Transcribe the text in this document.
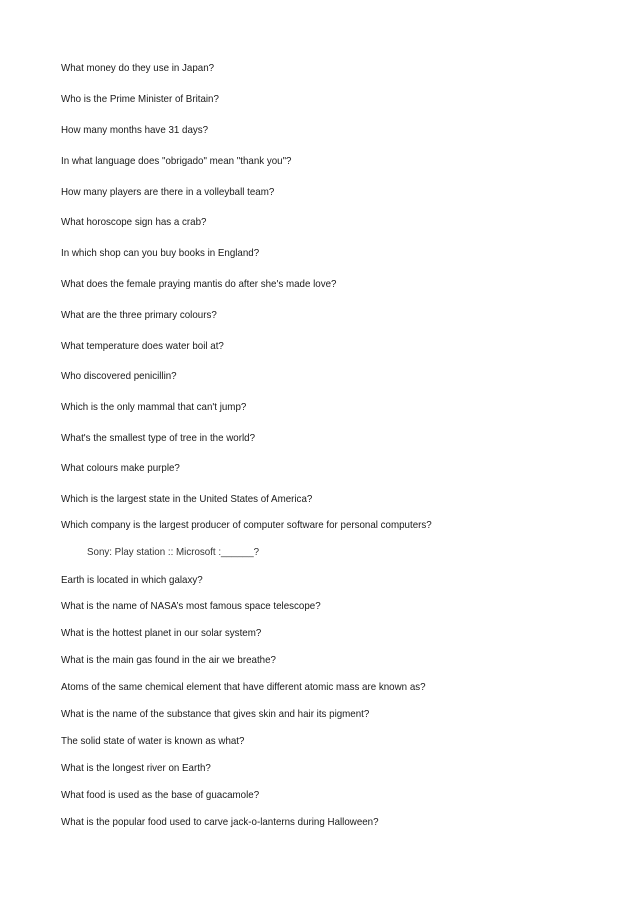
What money do they use in Japan?

Who is the Prime Minister of Britain?

How many months have 31 days?

In what language does "obrigado" mean "thank you"?

How many players are there in a volleyball team?

What horoscope sign has a crab?

In which shop can you buy books in England?

What does the female praying mantis do after she's made love?

What are the three primary colours?

What temperature does water boil at?

Who discovered penicillin?

Which is the only mammal that can't jump?

What's the smallest type of tree in the world?

What colours make purple?

Which is the largest state in the United States of America?

Which company is the largest producer of computer software for personal computers?

Sony: Play station :: Microsoft :______?

Earth is located in which galaxy?

What is the name of NASA’s most famous space telescope?

What is the hottest planet in our solar system?

What is the main gas found in the air we breathe?

Atoms of the same chemical element that have different atomic mass are known as?

What is the name of the substance that gives skin and hair its pigment?

The solid state of water is known as what?

What is the longest river on Earth?

What food is used as the base of guacamole?

What is the popular food used to carve jack-o-lanterns during Halloween?
